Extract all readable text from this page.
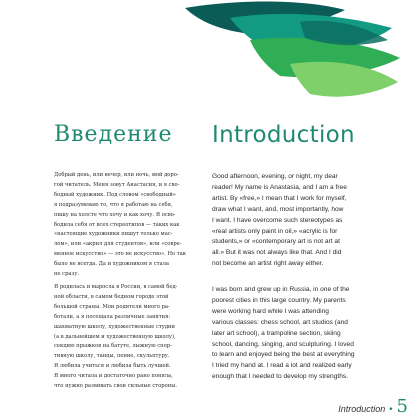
Введение

Добрый день, или вечер, или ночь, мой доро-
гой читатель. Меня зовут Анастасия, и я сво-
бодный художник. Под словом «свободный»
я подразумеваю то, что я работаю на себя,
пишу на холсте что хочу и как хочу. Я осво-
бодила себя от всех стереотипов — таких как
«настоящие художники пишут только мас-
лом», или «акрил для студентов», или «совре-
менное искусство» — это не искусство». Но так
было не всегда. Да и художником я стала
не сразу.

Я родилась и выросла в России, в самой бед-
ной области, в самом бедном городе этой
большой страны. Мои родители много ра-
ботали, а я посещала различные занятия:
шахматную школу, художественные студии
(а в дальнейшем и художественную школу),
секцию прыжков на батуте, лыжную спор-
тивную школу, танцы, пение, скульптуру.
Я любила учиться и любила быть лучшей.
Я много читала и достаточно рано поняла,
что нужно развивать свои сильные стороны.

Introduction

Good afternoon, evening, or night, my dear
reader! My name is Anastasia, and I am a free
artist. By «free,» I mean that I work for myself,
draw what I want, and, most importantly, how
I want. I have overcome such stereotypes as
«real artists only paint in oil,» «acrylic is for
students,» or «contemporary art is not art at
all.» But it was not always like that. And I did
not become an artist right away either.

I was born and grew up in Russia, in one of the
poorest cities in this large country. My parents
were working hard while I was attending
various classes: chess school, art studios (and
later art school), a trampoline section, skiing
school, dancing, singing, and sculpturing. I loved
to learn and enjoyed being the best at everything
I tried my hand at. I read a lot and realized early
enough that I needed to develop my strengths.

Introduction • 5
